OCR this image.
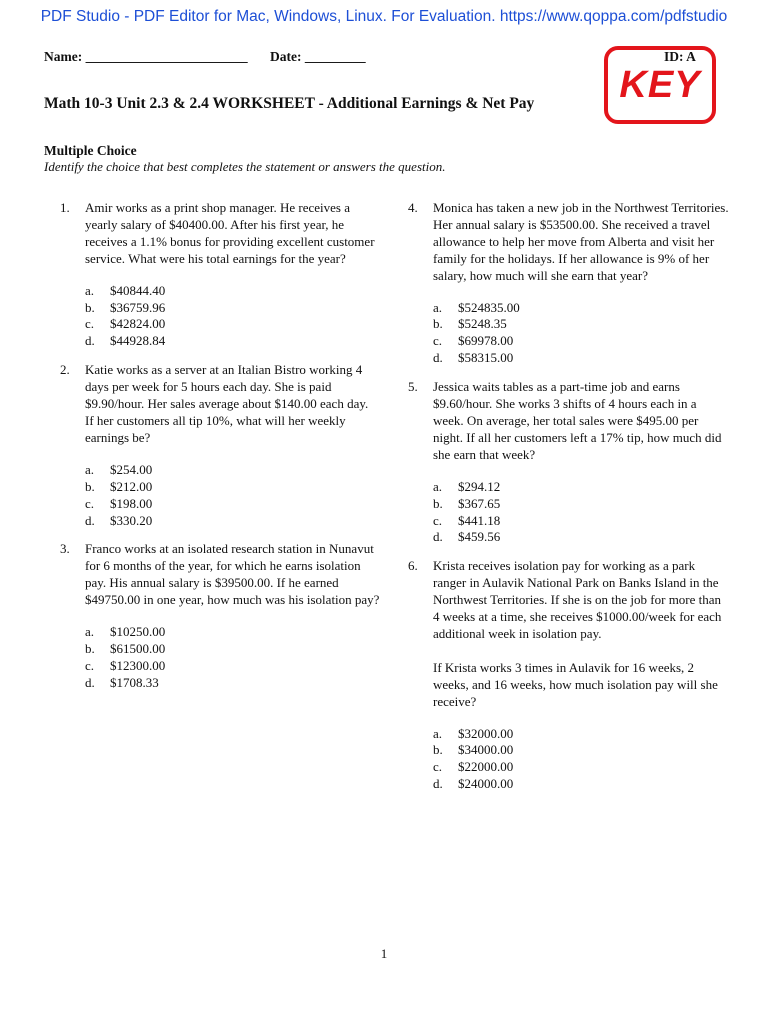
PDF Studio - PDF Editor for Mac, Windows, Linux. For Evaluation. https://www.qoppa.com/pdfstudio
Name: ________________________ Date: _________	ID: A
KEY
Math 10-3 Unit 2.3 & 2.4 WORKSHEET - Additional Earnings & Net Pay
Multiple Choice
Identify the choice that best completes the statement or answers the question.
1. Amir works as a print shop manager. He receives a yearly salary of $40400.00. After his first year, he receives a 1.1% bonus for providing excellent customer service. What were his total earnings for the year?

a. $40844.40
b. $36759.96
c. $42824.00
d. $44928.84
2. Katie works as a server at an Italian Bistro working 4 days per week for 5 hours each day. She is paid $9.90/hour. Her sales average about $140.00 each day. If her customers all tip 10%, what will her weekly earnings be?

a. $254.00
b. $212.00
c. $198.00
d. $330.20
3. Franco works at an isolated research station in Nunavut for 6 months of the year, for which he earns isolation pay. His annual salary is $39500.00. If he earned $49750.00 in one year, how much was his isolation pay?

a. $10250.00
b. $61500.00
c. $12300.00
d. $1708.33
4. Monica has taken a new job in the Northwest Territories. Her annual salary is $53500.00. She received a travel allowance to help her move from Alberta and visit her family for the holidays. If her allowance is 9% of her salary, how much will she earn that year?

a. $524835.00
b. $5248.35
c. $69978.00
d. $58315.00
5. Jessica waits tables as a part-time job and earns $9.60/hour. She works 3 shifts of 4 hours each in a week. On average, her total sales were $495.00 per night. If all her customers left a 17% tip, how much did she earn that week?

a. $294.12
b. $367.65
c. $441.18
d. $459.56
6. Krista receives isolation pay for working as a park ranger in Aulavik National Park on Banks Island in the Northwest Territories. If she is on the job for more than 4 weeks at a time, she receives $1000.00/week for each additional week in isolation pay.

If Krista works 3 times in Aulavik for 16 weeks, 2 weeks, and 16 weeks, how much isolation pay will she receive?

a. $32000.00
b. $34000.00
c. $22000.00
d. $24000.00
1
